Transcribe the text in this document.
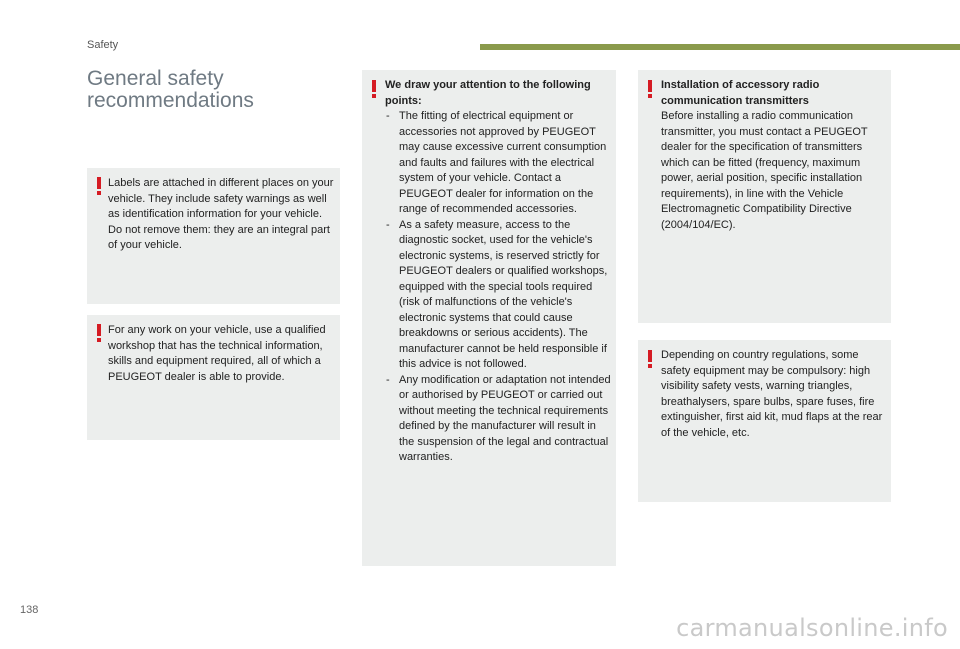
Safety
General safety recommendations

Labels are attached in different places on your vehicle. They include safety warnings as well as identification information for your vehicle. Do not remove them: they are an integral part of your vehicle.

For any work on your vehicle, use a qualified workshop that has the technical information, skills and equipment required, all of which a PEUGEOT dealer is able to provide.

We draw your attention to the following points:
- The fitting of electrical equipment or accessories not approved by PEUGEOT may cause excessive current consumption and faults and failures with the electrical system of your vehicle. Contact a PEUGEOT dealer for information on the range of recommended accessories.
- As a safety measure, access to the diagnostic socket, used for the vehicle's electronic systems, is reserved strictly for PEUGEOT dealers or qualified workshops, equipped with the special tools required (risk of malfunctions of the vehicle's electronic systems that could cause breakdowns or serious accidents). The manufacturer cannot be held responsible if this advice is not followed.
- Any modification or adaptation not intended or authorised by PEUGEOT or carried out without meeting the technical requirements defined by the manufacturer will result in the suspension of the legal and contractual warranties.
Installation of accessory radio communication transmitters
Before installing a radio communication transmitter, you must contact a PEUGEOT dealer for the specification of transmitters which can be fitted (frequency, maximum power, aerial position, specific installation requirements), in line with the Vehicle Electromagnetic Compatibility Directive (2004/104/EC).

Depending on country regulations, some safety equipment may be compulsory: high visibility safety vests, warning triangles, breathalysers, spare bulbs, spare fuses, fire extinguisher, first aid kit, mud flaps at the rear of the vehicle, etc.

138
carmanualsonline.info
